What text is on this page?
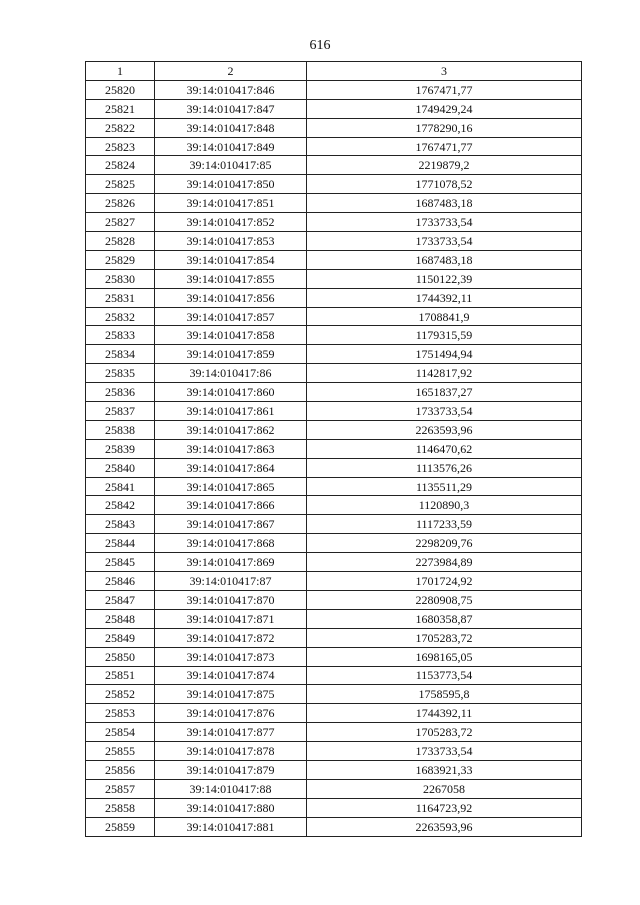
616
1	2	3
25820	39:14:010417:846	1767471,77
25821	39:14:010417:847	1749429,24
25822	39:14:010417:848	1778290,16
25823	39:14:010417:849	1767471,77
25824	39:14:010417:85	2219879,2
25825	39:14:010417:850	1771078,52
25826	39:14:010417:851	1687483,18
25827	39:14:010417:852	1733733,54
25828	39:14:010417:853	1733733,54
25829	39:14:010417:854	1687483,18
25830	39:14:010417:855	1150122,39
25831	39:14:010417:856	1744392,11
25832	39:14:010417:857	1708841,9
25833	39:14:010417:858	1179315,59
25834	39:14:010417:859	1751494,94
25835	39:14:010417:86	1142817,92
25836	39:14:010417:860	1651837,27
25837	39:14:010417:861	1733733,54
25838	39:14:010417:862	2263593,96
25839	39:14:010417:863	1146470,62
25840	39:14:010417:864	1113576,26
25841	39:14:010417:865	1135511,29
25842	39:14:010417:866	1120890,3
25843	39:14:010417:867	1117233,59
25844	39:14:010417:868	2298209,76
25845	39:14:010417:869	2273984,89
25846	39:14:010417:87	1701724,92
25847	39:14:010417:870	2280908,75
25848	39:14:010417:871	1680358,87
25849	39:14:010417:872	1705283,72
25850	39:14:010417:873	1698165,05
25851	39:14:010417:874	1153773,54
25852	39:14:010417:875	1758595,8
25853	39:14:010417:876	1744392,11
25854	39:14:010417:877	1705283,72
25855	39:14:010417:878	1733733,54
25856	39:14:010417:879	1683921,33
25857	39:14:010417:88	2267058
25858	39:14:010417:880	1164723,92
25859	39:14:010417:881	2263593,96
